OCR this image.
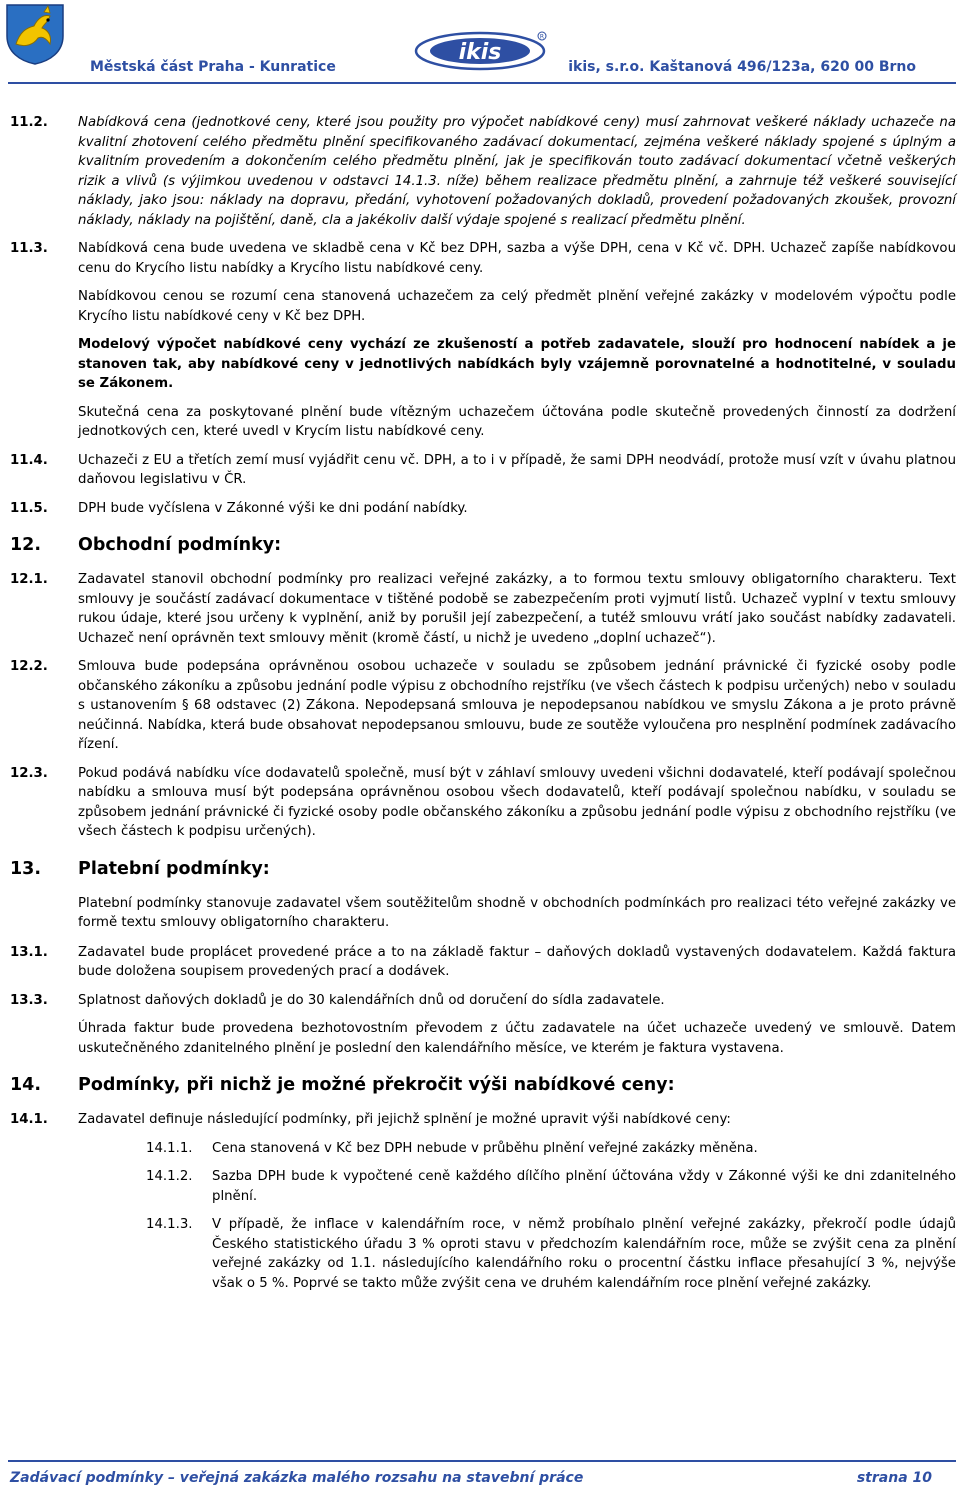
Městská část Praha - Kunratice
ikis
R
ikis, s.r.o. Kaštanová 496/123a, 620 00 Brno
11.2.	Nabídková cena (jednotkové ceny, které jsou použity pro výpočet nabídkové ceny) musí zahrnovat veškeré náklady uchazeče na kvalitní zhotovení celého předmětu plnění specifikovaného zadávací dokumentací, zejména veškeré náklady spojené s úplným a kvalitním provedením a dokončením celého předmětu plnění, jak je specifikován touto zadávací dokumentací včetně veškerých rizik a vlivů (s výjimkou uvedenou v odstavci 14.1.3. níže) během realizace předmětu plnění, a zahrnuje též veškeré související náklady, jako jsou: náklady na dopravu, předání, vyhotovení požadovaných dokladů, provedení požadovaných zkoušek, provozní náklady, náklady na pojištění, daně, cla a jakékoliv další výdaje spojené s realizací předmětu plnění.
11.3.	Nabídková cena bude uvedena ve skladbě cena v Kč bez DPH, sazba a výše DPH, cena v Kč vč. DPH. Uchazeč zapíše nabídkovou cenu do Krycího listu nabídky a Krycího listu nabídkové ceny.

Nabídkovou cenou se rozumí cena stanovená uchazečem za celý předmět plnění veřejné zakázky v modelovém výpočtu podle Krycího listu nabídkové ceny v Kč bez DPH.

Modelový výpočet nabídkové ceny vychází ze zkušeností a potřeb zadavatele, slouží pro hodnocení nabídek a je stanoven tak, aby nabídkové ceny v jednotlivých nabídkách byly vzájemně porovnatelné a hodnotitelné, v souladu se Zákonem.

Skutečná cena za poskytované plnění bude vítězným uchazečem účtována podle skutečně provedených činností za dodržení jednotkových cen, které uvedl v Krycím listu nabídkové ceny.

11.4.	Uchazeči z EU a třetích zemí musí vyjádřit cenu vč. DPH, a to i v případě, že sami DPH neodvádí, protože musí vzít v úvahu platnou daňovou legislativu v ČR.
11.5.	DPH bude vyčíslena v Zákonné výši ke dni podání nabídky.
12.	Obchodní podmínky:
12.1.	Zadavatel stanovil obchodní podmínky pro realizaci veřejné zakázky, a to formou textu smlouvy obligatorního charakteru. Text smlouvy je součástí zadávací dokumentace v tištěné podobě se zabezpečením proti vyjmutí listů. Uchazeč vyplní v textu smlouvy rukou údaje, které jsou určeny k vyplnění, aniž by porušil její zabezpečení, a tutéž smlouvu vrátí jako součást nabídky zadavateli. Uchazeč není oprávněn text smlouvy měnit (kromě částí, u nichž je uvedeno „doplní uchazeč“).
12.2.	Smlouva bude podepsána oprávněnou osobou uchazeče v souladu se způsobem jednání právnické či fyzické osoby podle občanského zákoníku a způsobu jednání podle výpisu z obchodního rejstříku (ve všech částech k podpisu určených) nebo v souladu s ustanovením § 68 odstavec (2) Zákona. Nepodepsaná smlouva je nepodepsanou nabídkou ve smyslu Zákona a je proto právně neúčinná. Nabídka, která bude obsahovat nepodepsanou smlouvu, bude ze soutěže vyloučena pro nesplnění podmínek zadávacího řízení.
12.3.	Pokud podává nabídku více dodavatelů společně, musí být v záhlaví smlouvy uvedeni všichni dodavatelé, kteří podávají společnou nabídku a smlouva musí být podepsána oprávněnou osobou všech dodavatelů, kteří podávají společnou nabídku, v souladu se způsobem jednání právnické či fyzické osoby podle občanského zákoníku a způsobu jednání podle výpisu z obchodního rejstříku (ve všech částech k podpisu určených).
13.	Platební podmínky:
Platební podmínky stanovuje zadavatel všem soutěžitelům shodně v obchodních podmínkách pro realizaci této veřejné zakázky ve formě textu smlouvy obligatorního charakteru.
13.1.	Zadavatel bude proplácet provedené práce a to na základě faktur – daňových dokladů vystavených dodavatelem. Každá faktura bude doložena soupisem provedených prací a dodávek.
13.3.	Splatnost daňových dokladů je do 30 kalendářních dnů od doručení do sídla zadavatele.

Úhrada faktur bude provedena bezhotovostním převodem z účtu zadavatele na účet uchazeče uvedený ve smlouvě. Datem uskutečněného zdanitelného plnění je poslední den kalendářního měsíce, ve kterém je faktura vystavena.

14.	Podmínky, při nichž je možné překročit výši nabídkové ceny:
14.1.	Zadavatel definuje následující podmínky, při jejichž splnění je možné upravit výši nabídkové ceny:
14.1.1.	Cena stanovená v Kč bez DPH nebude v průběhu plnění veřejné zakázky měněna.
14.1.2.	Sazba DPH bude k vypočtené ceně každého dílčího plnění účtována vždy v Zákonné výši ke dni zdanitelného plnění.
14.1.3.	V případě, že inflace v kalendářním roce, v němž probíhalo plnění veřejné zakázky, překročí podle údajů Českého statistického úřadu 3 % oproti stavu v předchozím kalendářním roce, může se zvýšit cena za plnění veřejné zakázky od 1.1. následujícího kalendářního roku o procentní částku inflace přesahující 3 %, nejvýše však o 5 %. Poprvé se takto může zvýšit cena ve druhém kalendářním roce plnění veřejné zakázky.
Zadávací podmínky – veřejná zakázka malého rozsahu na stavební práce	strana 10
